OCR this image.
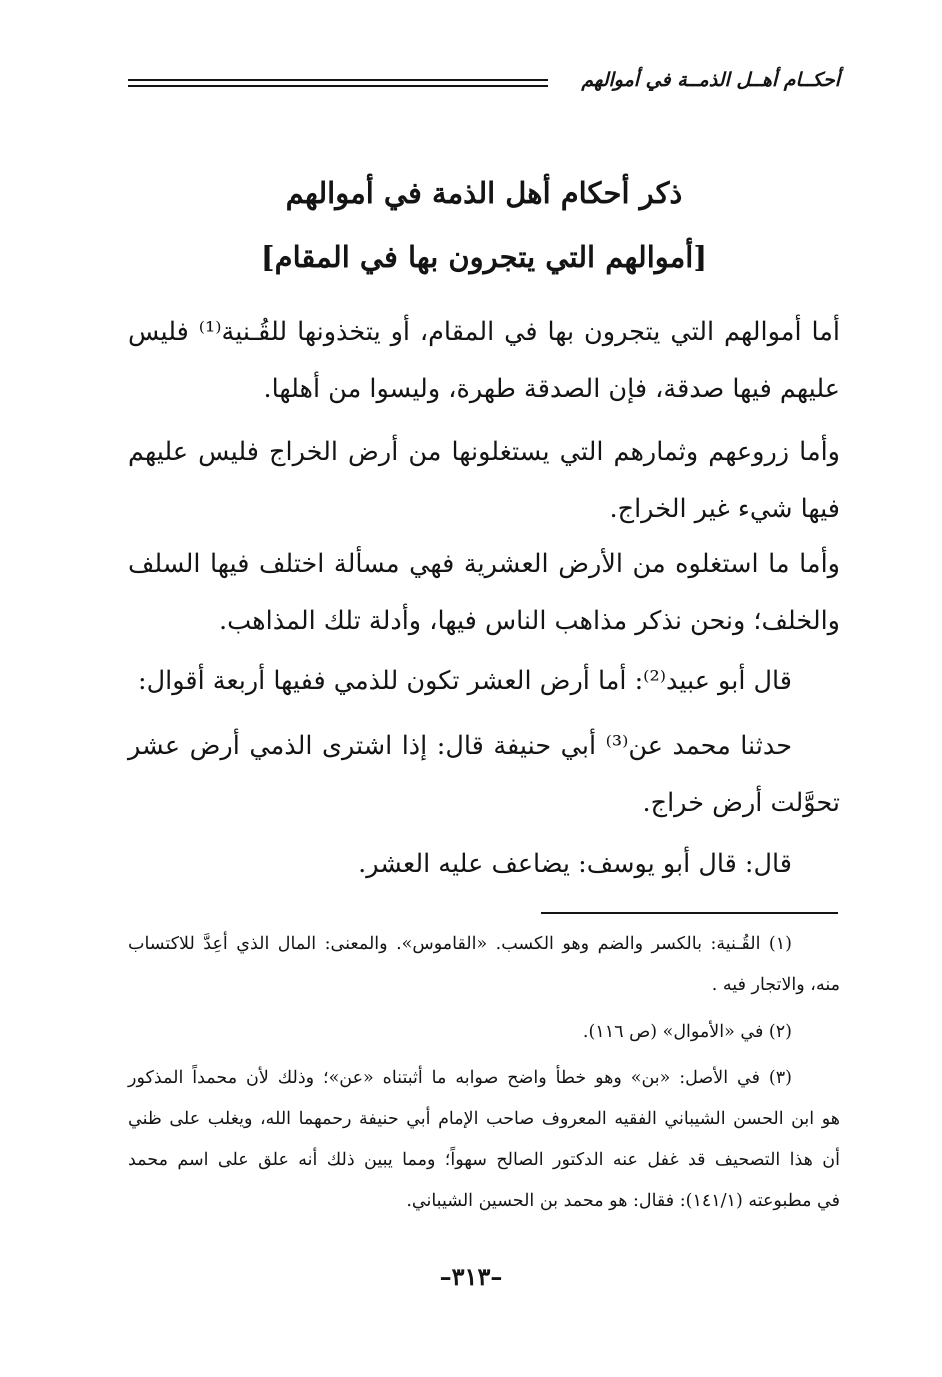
أحكــام أهــل الذمــة في أموالهم
ذكر أحكام أهل الذمة في أموالهم
[أموالهم التي يتجرون بها في المقام]
أما أموالهم التي يتجرون بها في المقام، أو يتخذونها للقُـنية⁽¹⁾ فليس
عليهم فيها صدقة، فإن الصدقة طهرة، وليسوا من أهلها.
وأما زروعهم وثمارهم التي يستغلونها من أرض الخراج فليس عليهم
فيها شيء غير الخراج.
وأما ما استغلوه من الأرض العشرية فهي مسألة اختلف فيها السلف
والخلف؛ ونحن نذكر مذاهب الناس فيها، وأدلة تلك المذاهب.
قال أبو عبيد⁽²⁾: أما أرض العشر تكون للذمي ففيها أربعة أقوال:
حدثنا محمد عن⁽³⁾ أبي حنيفة قال: إذا اشترى الذمي أرض عشر
تحوَّلت أرض خراج.
قال: قال أبو يوسف: يضاعف عليه العشر.
(١) القُـنية: بالكسر والضم وهو الكسب. «القاموس». والمعنى: المال الذي أعِدَّ للاكتساب
منه، والاتجار فيه .
(٢) في «الأموال» (ص ١١٦).
(٣) في الأصل: «بن» وهو خطأ واضح صوابه ما أثبتناه «عن»؛ وذلك لأن محمداً المذكور
هو ابن الحسن الشيباني الفقيه المعروف صاحب الإمام أبي حنيفة رحمهما الله، ويغلب على ظني
أن هذا التصحيف قد غفل عنه الدكتور الصالح سهواً؛ ومما يبين ذلك أنه علق على اسم محمد
في مطبوعته (١٤١/١): فقال: هو محمد بن الحسين الشيباني.
–٣١٣–
